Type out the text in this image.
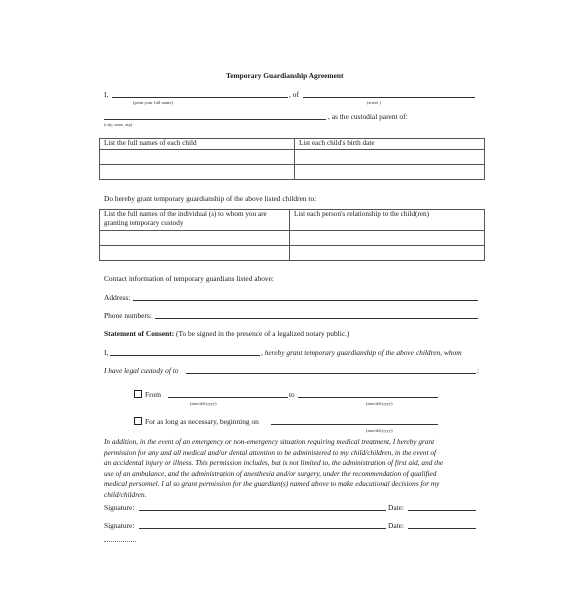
Temporary Guardianship Agreement
I,	, of
(print your full name)	(street )
, as the custodial parent of:
(city, state, zip)
List the full names of each child	List each child's birth date

Do hereby grant temporary guardianship of the above listed children to:
List the full names of the individual (s) to whom you are granting temporary custody	List each person's relationship to the child(ren)

Contact information of temporary guardians listed above:
Address:
Phone numbers:
Statement of Consent: (To be signed in the presence of a legalized notary public.)
I,	, hereby grant temporary guardianship of the above children, whom
I have legal custody of to	:
From	to
(mm/dd/yyyy)	(mm/dd/yyyy)
For as long as necessary, beginning on
(mm/dd/yyyy)
In addition, in the event of an emergency or non-emergency situation requiring medical treatment, I hereby grant
permission for any and all medical and/or dental attention to be administered to my child/children, in the event of
an accidental injury or illness. This permission includes, but is not limited to, the administration of first aid, and the
use of an ambulance, and the administration of anesthesia and/or surgery, under the recommendation of qualified
medical personnel. I al so grant permission for the guardian(s) named above to make educational decisions for my
child/children.
Signature:	Date:
Signature:	Date:
